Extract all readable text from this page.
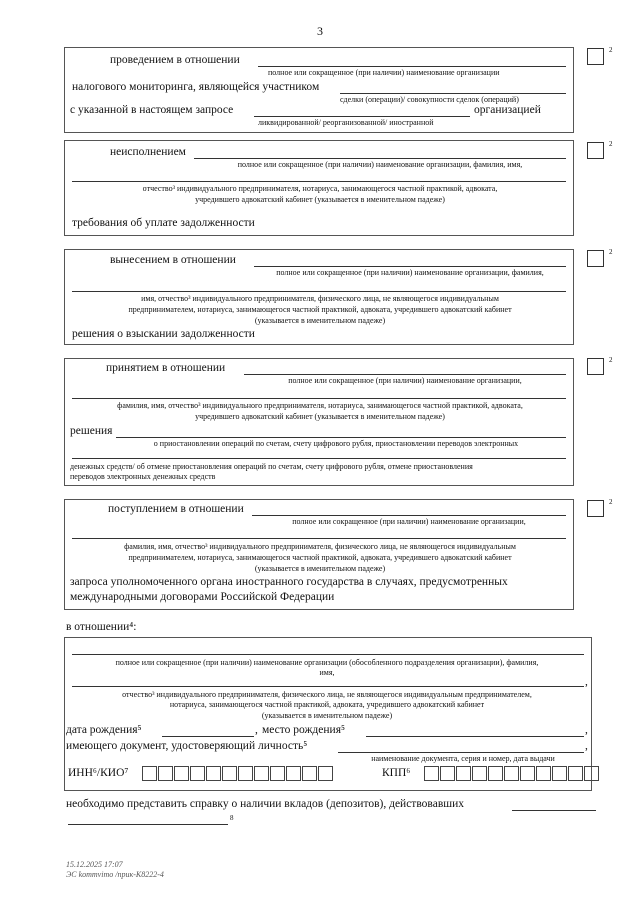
3
2
проведением в отношении
полное или сокращенное (при наличии) наименование организации
налогового мониторинга, являющейся участником
сделки (операции)/ совокупности сделок (операций)
с указанной в настоящем запросе	организацией
ликвидированной/ реорганизованной/ иностранной
2
неисполнением
полное или сокращенное (при наличии) наименование организации, фамилия, имя,
отчество³ индивидуального предпринимателя, нотариуса, занимающегося частной практикой, адвоката,
учредившего адвокатский кабинет (указывается в именительном падеже)
требования об уплате задолженности
2
вынесением в отношении
полное или сокращенное (при наличии) наименование организации, фамилия,
имя, отчество³ индивидуального предпринимателя, физического лица, не являющегося индивидуальным
предпринимателем, нотариуса, занимающегося частной практикой, адвоката, учредившего адвокатский кабинет
(указывается в именительном падеже)
решения о взыскании задолженности
2
принятием в отношении
полное или сокращенное (при наличии) наименование организации,
фамилия, имя, отчество³ индивидуального предпринимателя, нотариуса, занимающегося частной практикой, адвоката,
учредившего адвокатский кабинет (указывается в именительном падеже)
решения
о приостановлении операций по счетам, счету цифрового рубля, приостановлении переводов электронных
денежных средств/ об отмене приостановления операций по счетам, счету цифрового рубля, отмене приостановления
переводов электронных денежных средств
2
поступлением в отношении
полное или сокращенное (при наличии) наименование организации,
фамилия, имя, отчество³ индивидуального предпринимателя, физического лица, не являющегося индивидуальным
предпринимателем, нотариуса, занимающегося частной практикой, адвоката, учредившего адвокатский кабинет
(указывается в именительном падеже)
запроса уполномоченного органа иностранного государства в случаях, предусмотренных
международными договорами Российской Федерации
в отношении⁴:
полное или сокращенное (при наличии) наименование организации (обособленного подразделения организации), фамилия,
имя,
,
отчество³ индивидуального предпринимателя, физического лица, не являющегося индивидуальным предпринимателем,
нотариуса, занимающегося частной практикой, адвоката, учредившего адвокатский кабинет
(указывается в именительном падеже)
дата рождения⁵	, место рождения⁵	,
имеющего документ, удостоверяющий личность⁵	,
наименование документа, серия и номер, дата выдачи
ИНН⁶/КИО⁷	КПП⁶
необходимо представить справку о наличии вкладов (депозитов), действовавших
8
15.12.2025 17:07
ЭС kommvimo /npuк-K8222-4
